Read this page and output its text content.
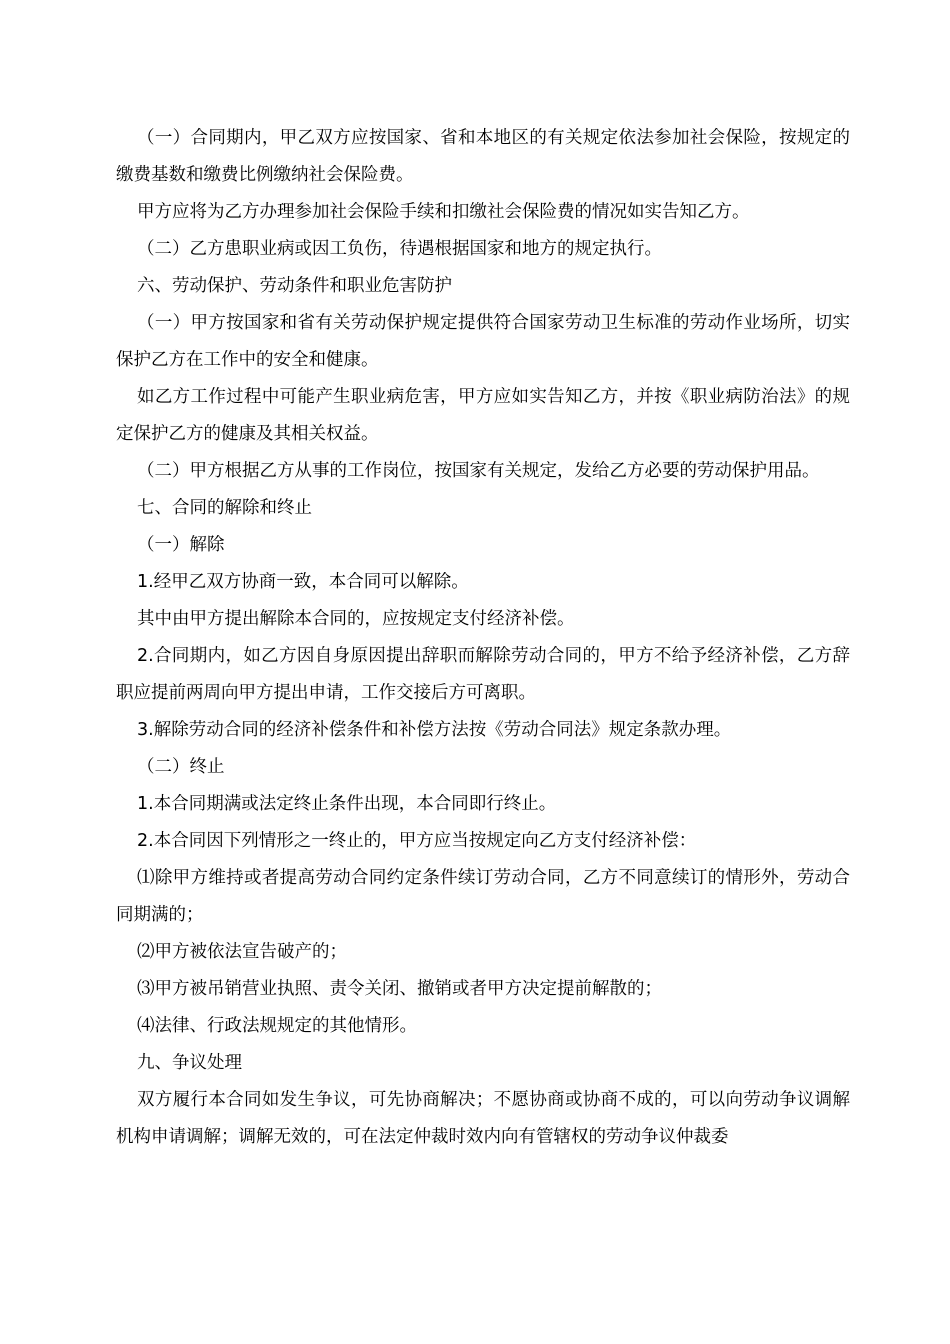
（一）合同期内，甲乙双方应按国家、省和本地区的有关规定依法参加社会保险，按规定的缴费基数和缴费比例缴纳社会保险费。

甲方应将为乙方办理参加社会保险手续和扣缴社会保险费的情况如实告知乙方。

（二）乙方患职业病或因工负伤，待遇根据国家和地方的规定执行。

六、劳动保护、劳动条件和职业危害防护

（一）甲方按国家和省有关劳动保护规定提供符合国家劳动卫生标准的劳动作业场所，切实保护乙方在工作中的安全和健康。

如乙方工作过程中可能产生职业病危害，甲方应如实告知乙方，并按《职业病防治法》的规定保护乙方的健康及其相关权益。

（二）甲方根据乙方从事的工作岗位，按国家有关规定，发给乙方必要的劳动保护用品。

七、合同的解除和终止

（一）解除

1.经甲乙双方协商一致，本合同可以解除。

其中由甲方提出解除本合同的，应按规定支付经济补偿。

2.合同期内，如乙方因自身原因提出辞职而解除劳动合同的，甲方不给予经济补偿，乙方辞职应提前两周向甲方提出申请，工作交接后方可离职。

3.解除劳动合同的经济补偿条件和补偿方法按《劳动合同法》规定条款办理。

（二）终止

1.本合同期满或法定终止条件出现，本合同即行终止。

2.本合同因下列情形之一终止的，甲方应当按规定向乙方支付经济补偿：

⑴除甲方维持或者提高劳动合同约定条件续订劳动合同，乙方不同意续订的情形外，劳动合同期满的；

⑵甲方被依法宣告破产的；

⑶甲方被吊销营业执照、责令关闭、撤销或者甲方决定提前解散的；

⑷法律、行政法规规定的其他情形。

九、争议处理

双方履行本合同如发生争议，可先协商解决；不愿协商或协商不成的，可以向劳动争议调解机构申请调解；调解无效的，可在法定仲裁时效内向有管辖权的劳动争议仲裁委
